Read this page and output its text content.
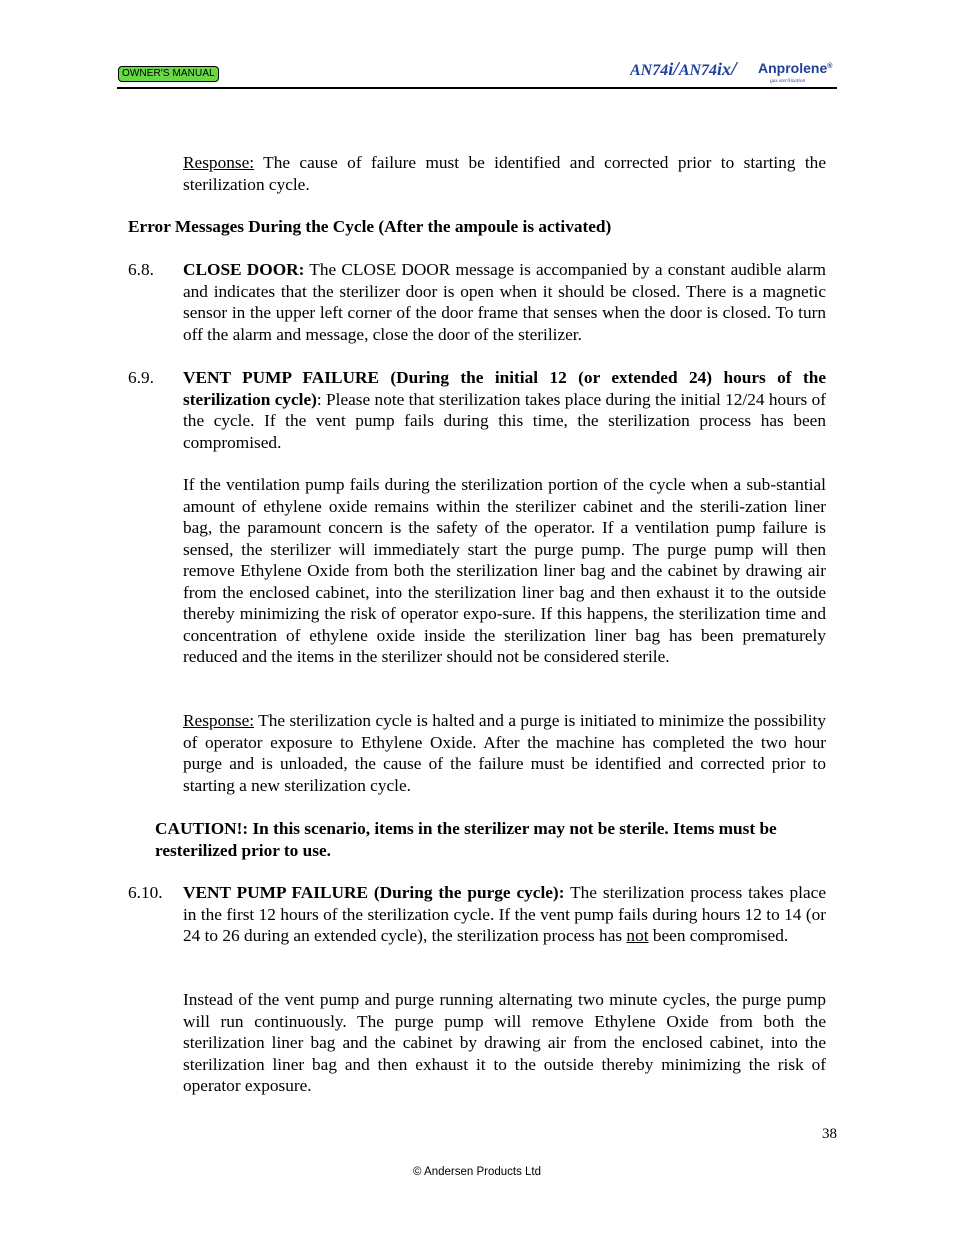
OWNER'S MANUAL	AN74i/AN74ix/ Anprolene®
gas sterilization
Response: The cause of failure must be identified and corrected prior to starting the sterilization cycle.
Error Messages During the Cycle (After the ampoule is activated)
6.8. CLOSE DOOR: The CLOSE DOOR message is accompanied by a constant audible alarm and indicates that the sterilizer door is open when it should be closed. There is a magnetic sensor in the upper left corner of the door frame that senses when the door is closed. To turn off the alarm and message, close the door of the sterilizer.
6.9. VENT PUMP FAILURE (During the initial 12 (or extended 24) hours of the sterilization cycle): Please note that sterilization takes place during the initial 12/24 hours of the cycle. If the vent pump fails during this time, the sterilization process has been compromised.
If the ventilation pump fails during the sterilization portion of the cycle when a sub-stantial amount of ethylene oxide remains within the sterilizer cabinet and the sterili-zation liner bag, the paramount concern is the safety of the operator. If a ventilation pump failure is sensed, the sterilizer will immediately start the purge pump. The purge pump will then remove Ethylene Oxide from both the sterilization liner bag and the cabinet by drawing air from the enclosed cabinet, into the sterilization liner bag and then exhaust it to the outside thereby minimizing the risk of operator expo-sure. If this happens, the sterilization time and concentration of ethylene oxide inside the sterilization liner bag has been prematurely reduced and the items in the sterilizer should not be considered sterile.
Response: The sterilization cycle is halted and a purge is initiated to minimize the possibility of operator exposure to Ethylene Oxide. After the machine has completed the two hour purge and is unloaded, the cause of the failure must be identified and corrected prior to starting a new sterilization cycle.
CAUTION!: In this scenario, items in the sterilizer may not be sterile. Items must be resterilized prior to use.
6.10. VENT PUMP FAILURE (During the purge cycle): The sterilization process takes place in the first 12 hours of the sterilization cycle. If the vent pump fails during hours 12 to 14 (or 24 to 26 during an extended cycle), the sterilization process has not been compromised.
Instead of the vent pump and purge running alternating two minute cycles, the purge pump will run continuously. The purge pump will remove Ethylene Oxide from both the sterilization liner bag and the cabinet by drawing air from the enclosed cabinet, into the sterilization liner bag and then exhaust it to the outside thereby minimizing the risk of operator exposure.
38
© Andersen Products Ltd
